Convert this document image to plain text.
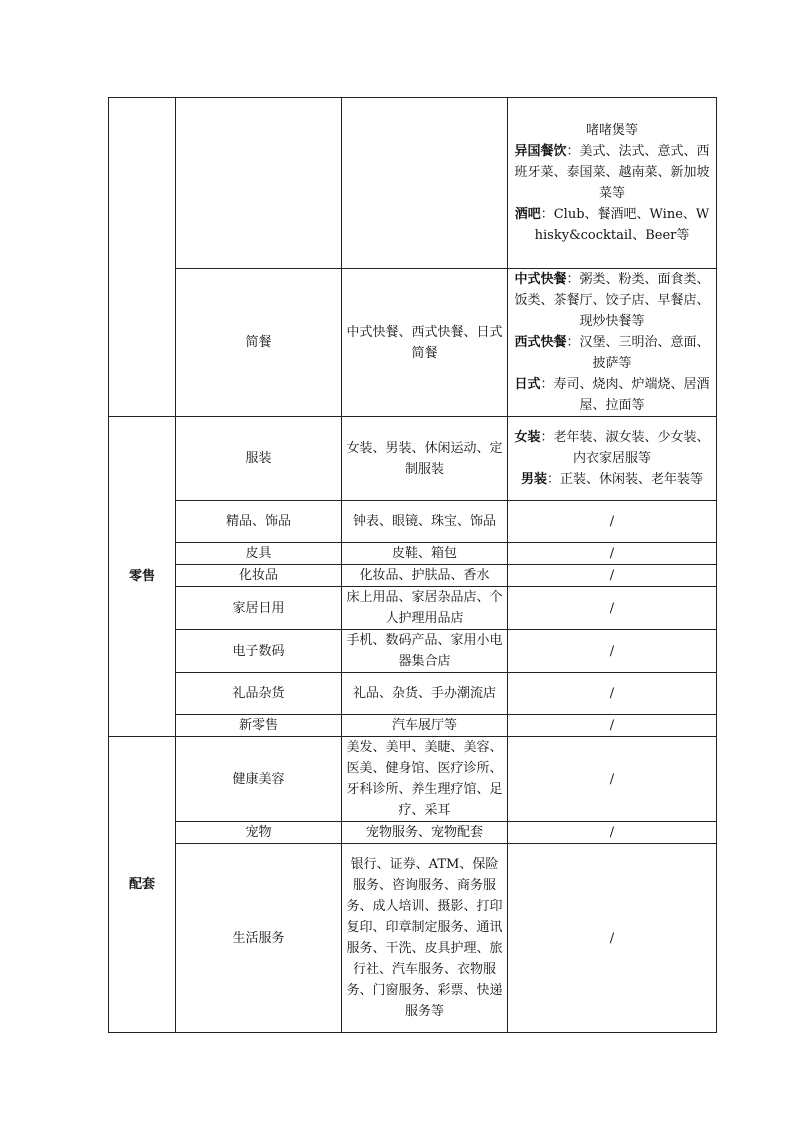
			啫啫煲等
异国餐饮：美式、法式、意式、西班牙菜、泰国菜、越南菜、新加坡菜等
酒吧：Club、餐酒吧、Wine、Whisky&cocktail、Beer等

	简餐	中式快餐、西式快餐、日式简餐	中式快餐：粥类、粉类、面食类、饭类、茶餐厅、饺子店、早餐店、现炒快餐等
西式快餐：汉堡、三明治、意面、披萨等
日式：寿司、烧肉、炉端烧、居酒屋、拉面等

零售	服装	女装、男装、休闲运动、定制服装	女装：老年装、淑女装、少女装、内衣家居服等
男装：正装、休闲装、老年装等

	精品、饰品	钟表、眼镜、珠宝、饰品	/
	皮具	皮鞋、箱包	/
	化妆品	化妆品、护肤品、香水	/
	家居日用	床上用品、家居杂品店、个人护理用品店	/
	电子数码	手机、数码产品、家用小电器集合店	/
	礼品杂货	礼品、杂货、手办潮流店	/
	新零售	汽车展厅等	/
配套	健康美容	美发、美甲、美睫、美容、医美、健身馆、医疗诊所、牙科诊所、养生理疗馆、足疗、采耳	/
	宠物	宠物服务、宠物配套	/
	生活服务	银行、证券、ATM、保险服务、咨询服务、商务服务、成人培训、摄影、打印复印、印章制定服务、通讯服务、干洗、皮具护理、旅行社、汽车服务、衣物服务、门窗服务、彩票、快递服务等	/
